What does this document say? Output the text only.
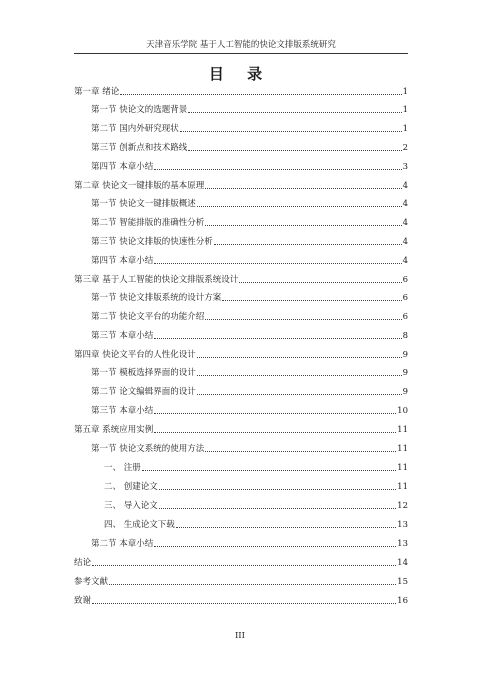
天津音乐学院 基于人工智能的快论文排版系统研究
目 录
第一章 绪论	1
第一节 快论文的选题背景	1
第二节 国内外研究现状	1
第三节 创新点和技术路线	2
第四节 本章小结	3
第二章 快论文一键排版的基本原理	4
第一节 快论文一键排版概述	4
第二节 智能排版的准确性分析	4
第三节 快论文排版的快速性分析	4
第四节 本章小结	4
第三章 基于人工智能的快论文排版系统设计	6
第一节 快论文排版系统的设计方案	6
第二节 快论文平台的功能介绍	6
第三节 本章小结	8
第四章 快论文平台的人性化设计	9
第一节 模板选择界面的设计	9
第二节 论文编辑界面的设计	9
第三节 本章小结	10
第五章 系统应用实例	11
第一节 快论文系统的使用方法	11
一、 注册	11
二、 创建论文	11
三、 导入论文	12
四、 生成论文下载	13
第二节 本章小结	13
结论	14
参考文献	15
致谢	16
III
